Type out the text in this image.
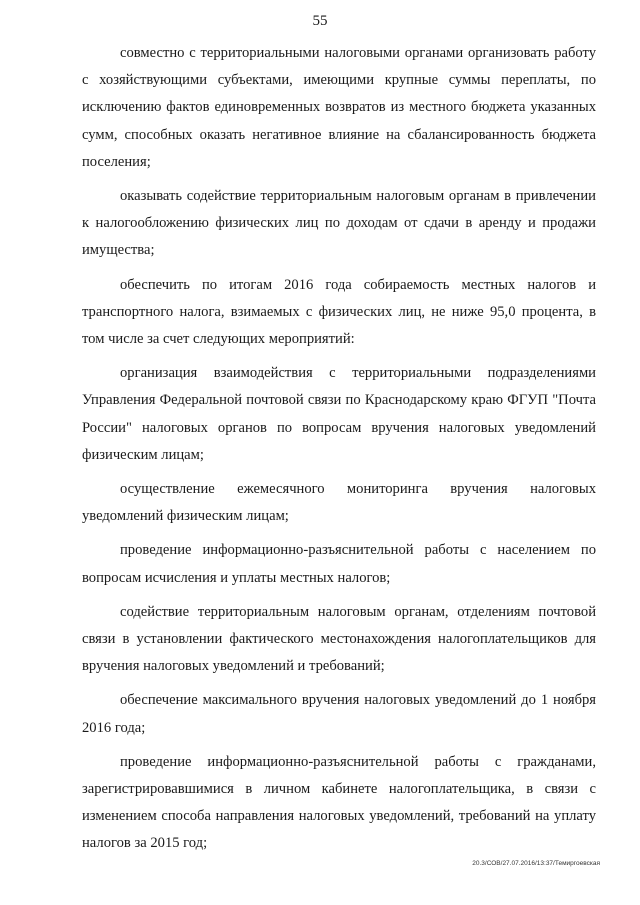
55

совместно с территориальными налоговыми органами организовать работу с хозяйствующими субъектами, имеющими крупные суммы переплаты, по исключению фактов единовременных возвратов из местного бюджета указанных сумм, способных оказать негативное влияние на сбалансированность бюджета поселения;

оказывать содействие территориальным налоговым органам в привлечении к налогообложению физических лиц по доходам от сдачи в аренду и продажи имущества;

обеспечить по итогам 2016 года собираемость местных налогов и транспортного налога, взимаемых с физических лиц, не ниже 95,0 процента, в том числе за счет следующих мероприятий:

организация взаимодействия с территориальными подразделениями Управления Федеральной почтовой связи по Краснодарскому краю ФГУП "Почта России" налоговых органов по вопросам вручения налоговых уведомлений физическим лицам;

осуществление ежемесячного мониторинга вручения налоговых уведомлений физическим лицам;

проведение информационно-разъяснительной работы с населением по вопросам исчисления и уплаты местных налогов;

содействие территориальным налоговым органам, отделениям почтовой связи в установлении фактического местонахождения налогоплательщиков для вручения налоговых уведомлений и требований;

обеспечение максимального вручения налоговых уведомлений до 1 ноября 2016 года;

проведение информационно-разъяснительной работы с гражданами, зарегистрировавшимися в личном кабинете налогоплательщика, в связи с изменением способа направления налоговых уведомлений, требований на уплату налогов за 2015 год;

20.3/СОВ/27.07.2016/13:37/Темиргоевская
